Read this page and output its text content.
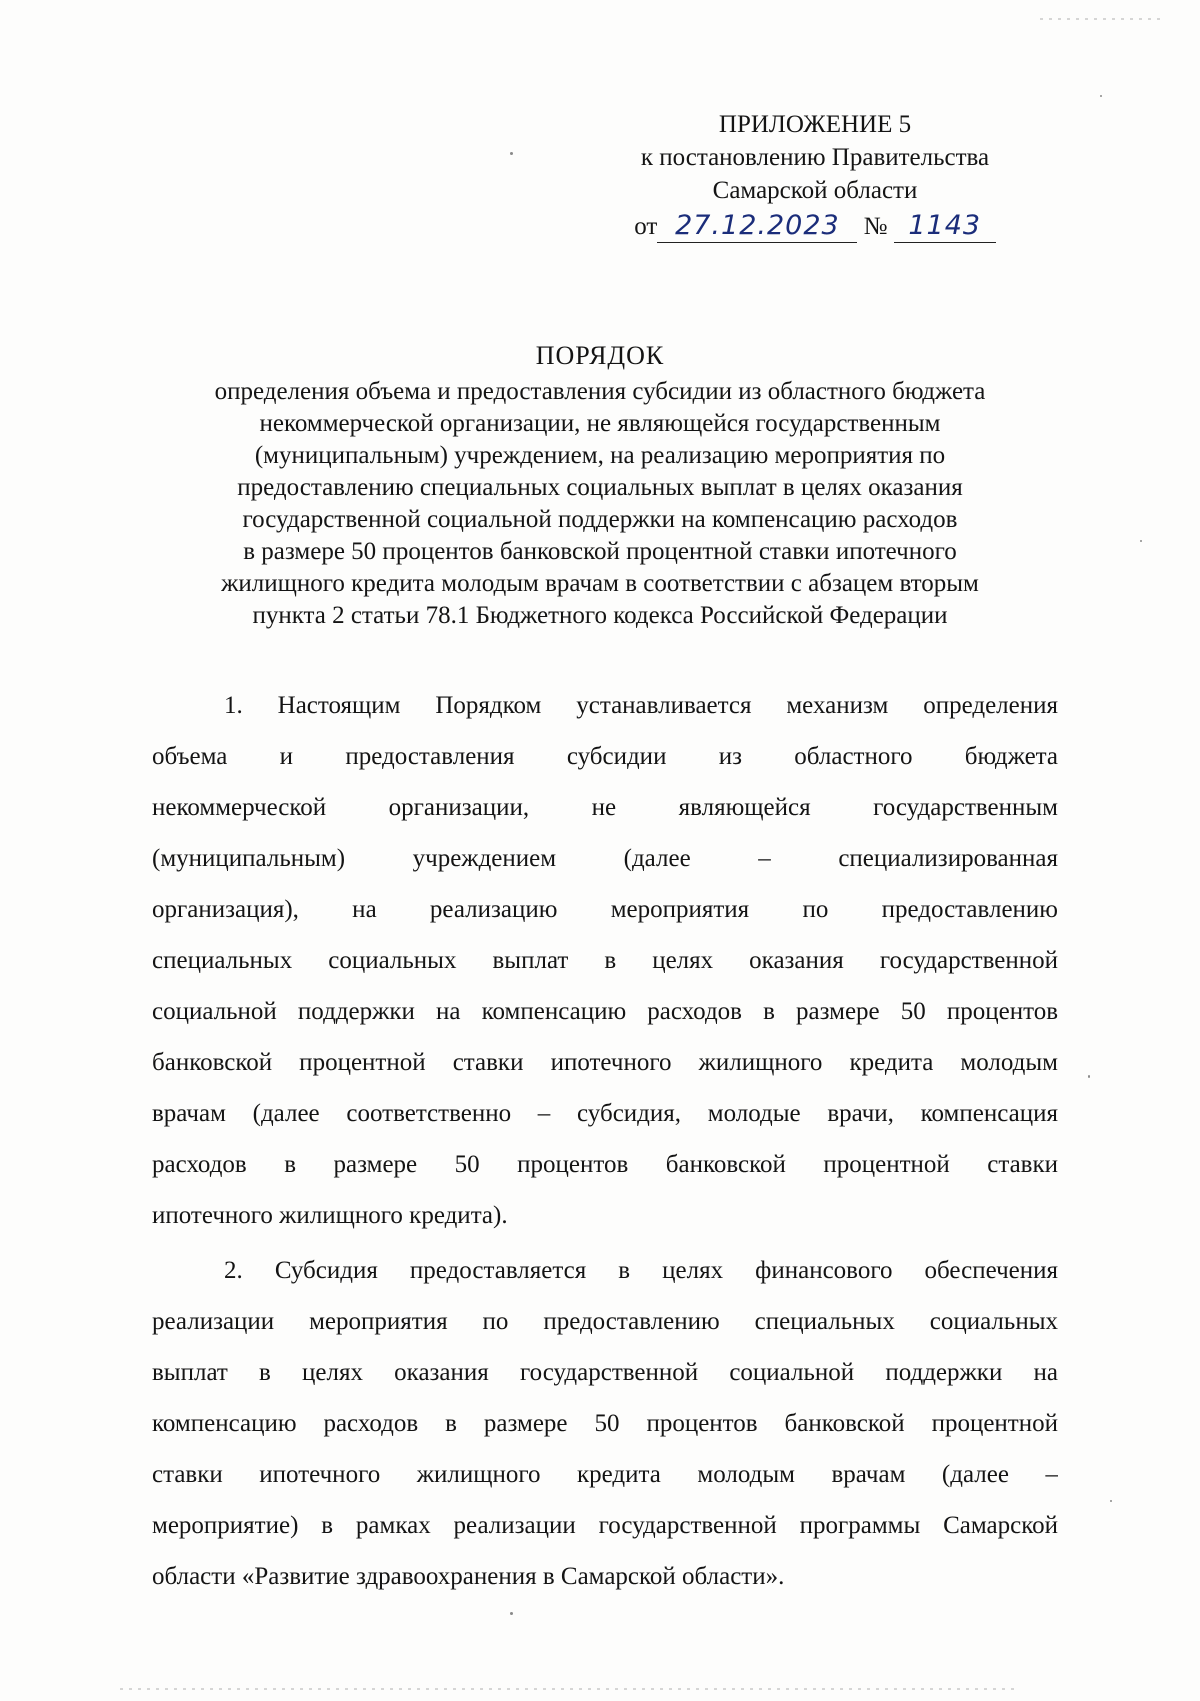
ПРИЛОЖЕНИЕ 5
к постановлению Правительства
Самарской области
от 27.12.2023 № 1143
ПОРЯДОК
определения объема и предоставления субсидии из областного бюджета
некоммерческой организации, не являющейся государственным
(муниципальным) учреждением, на реализацию мероприятия по
предоставлению специальных социальных выплат в целях оказания
государственной социальной поддержки на компенсацию расходов
в размере 50 процентов банковской процентной ставки ипотечного
жилищного кредита молодым врачам в соответствии с абзацем вторым
пункта 2 статьи 78.1 Бюджетного кодекса Российской Федерации
1. Настоящим Порядком устанавливается механизм определения
объема и предоставления субсидии из областного бюджета
некоммерческой организации, не являющейся государственным
(муниципальным) учреждением (далее – специализированная
организация), на реализацию мероприятия по предоставлению
специальных социальных выплат в целях оказания государственной
социальной поддержки на компенсацию расходов в размере 50 процентов
банковской процентной ставки ипотечного жилищного кредита молодым
врачам (далее соответственно – субсидия, молодые врачи, компенсация
расходов в размере 50 процентов банковской процентной ставки
ипотечного жилищного кредита).
2. Субсидия предоставляется в целях финансового обеспечения
реализации мероприятия по предоставлению специальных социальных
выплат в целях оказания государственной социальной поддержки на
компенсацию расходов в размере 50 процентов банковской процентной
ставки ипотечного жилищного кредита молодым врачам (далее –
мероприятие) в рамках реализации государственной программы Самарской
области «Развитие здравоохранения в Самарской области».
